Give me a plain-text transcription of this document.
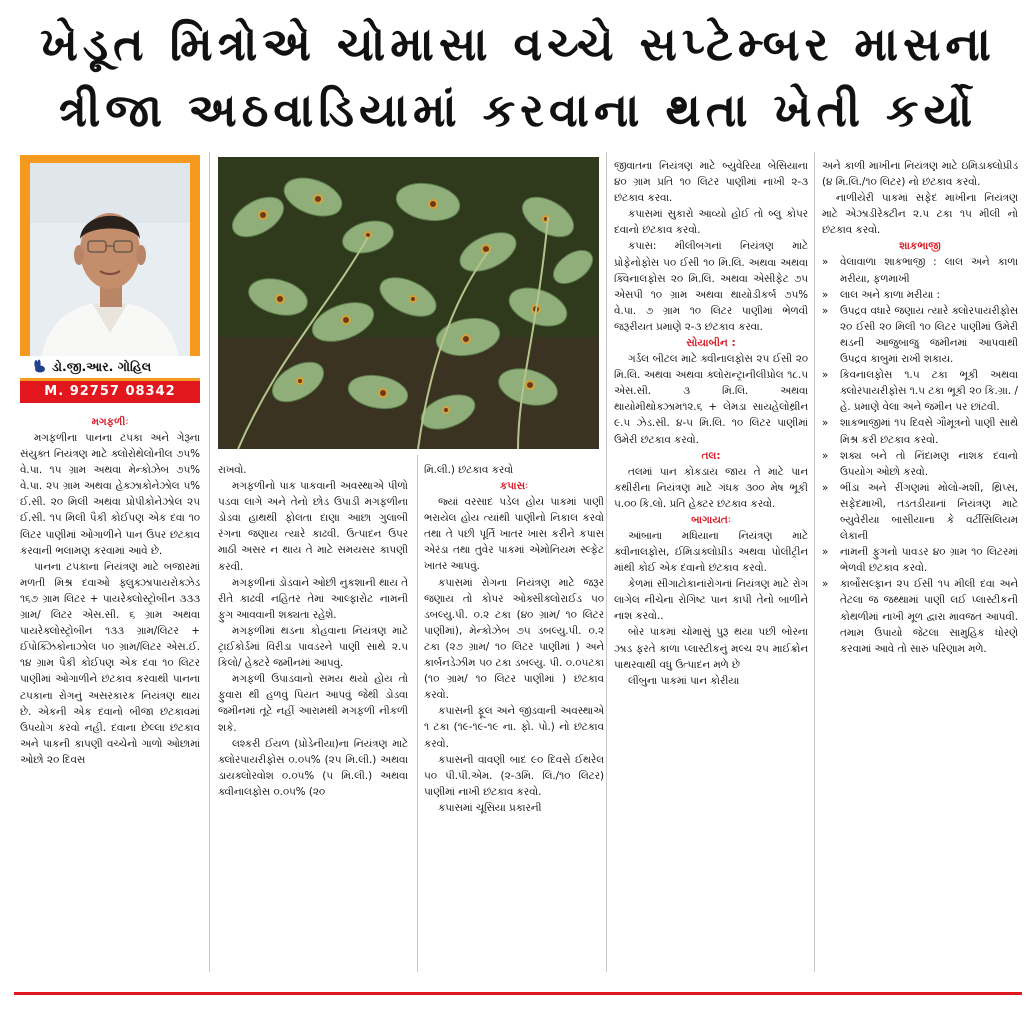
ખેડૂત મિત્રોએ ચોમાસા વચ્ચે સપ્ટેમ્બર માસના
ત્રીજા અઠવાડિયામાં કરવાના થતા ખેતી કર્યો
ડો.જી.આર. ગોહિલ
M. 92757 08342
મગફળીઃ

મગફળીના પાનના ટપકા અને ગેરૂના સંયુક્ત નિયંત્રણ માટે ક્લોરોથેલોનીલ ૭૫% વે.પા. ૧૫ ગ્રામ અથવા મેન્કોઝેબ ૭૫% વે.પા. ૨૫ ગ્રામ અથવા હેક્ઝાકોનેઝોલ ૫% ઈ.સી. ૨૦ મિલી અથવા પ્રોપીકોનેઝોલ ૨૫ ઈ.સી. ૧૫ મિલી પૈકી કોઈપણ એક દવા ૧૦ લિટર પાણીમાં ઓગાળીને પાન ઉપર છંટકાવ કરવાની ભલામણ કરવામાં આવે છે.

પાનના ટપકાના નિયંત્રણ માટે બજારમાં મળતી મિશ્ર દવાઓ ફ્લુક્ઝાપાયરોક્ઝેડ ૧૬૭ ગ્રામ લિટર + પાયરેક્લોસ્ટ્રોબીન ૩૩૩ ગ્રામ/ લિટર એસ.સી. ૬ ગ્રામ અથવા પાયરેક્લોસ્ટ્રોબીન ૧૩૩ ગ્રામ/લિટર + ઈપોક્ઝિકોનાઝોલ ૫૦ ગ્રામ/લિટર એસ.ઈ. ૧૪ ગ્રામ પૈકી કોઈપણ એક દવા ૧૦ લિટર પાણીમાં ઓગાળીને છંટકાવ કરવાથી પાનના ટપકાના રોગનું અસરકારક નિયંત્રણ થાય છે. એકની એક દવાનો બીજા છંટકાવમાં ઉપયોગ કરવો નહી. દવાના છેલ્લા છંટકાવ અને પાકની કાપણી વચ્ચેનો ગાળો ઓછામાં ઓછો ૨૦ દિવસ

રાખવો.

મગફળીનો પાક પાકવાની અવસ્થાએ પીળો પડવા લાગે અને તેનો છોડ ઉપાડી મગફળીના ડોડવા હાથથી ફોલતા દાણા આછા ગુલાબી રંગના જણાય ત્યારે કાઢવી. ઉત્પાદન ઉપર માઠી અસર ન થાય તે માટે સમયસર કાપણી કરવી.

મગફળીનાં ડોડવાને ઓછી નુકશાની થાય તે રીતે કાઢવી નહિતર તેમાં આલ્ફારોટ નામની ફુગ આવવાની શક્યતા રહેશે.

મગફળીમાં થડના કોહવાના નિયંત્રણ માટે ટ્રાઈકોર્ડમાં વિરીડા પાવડરને પાણી સાથે ૨.૫ કિલો/ હેક્ટરે જમીનમાં આપવું.

મગફળી ઉપાડવાનો સમય થયો હોય તો ફુવારા થી હળવું પિયત આપવું જેથી ડોડવા જમીનમાં તૂટે નહીં આરામથી મગફળી નીકળી શકે.

લશ્કરી ઈયળ (પ્રોડેનીયા)ના નિયંત્રણ માટે ક્લોરપાયરીફોસ ૦.૦૫% (૨૫ મિ.લી.) અથવા ડાયક્લોરવોશ ૦.૦૫% (૫ મિ.લી.) અથવા ક્વીનાલફોસ ૦.૦૫% (૨૦

મિ.લી.) છંટકાવ કરવો

કપાસઃ

જ્યાં વરસાદ પડેલ હોય પાકમાં પાણી ભરાયેલ હોય ત્યાંથી પાણીનો નિકાલ કરવો તથા તે પછી પૂર્તિ ખાતર ખાસ કરીને કપાસ એરંડા તથા તુવેર પાકમાં એમોનિયમ સ્લ્ફેટ ખાતર આપવું.

કપાસમાં રોગના નિયંત્રણ માટે જરૂર જણાય તો કોપર ઓક્સીક્લોરાઈડ ૫૦ ડબલ્યુ.પી. ૦.૨ ટકા (૪૦ ગ્રામ/ ૧૦ લિટર પાણીમાં), મેન્કોઝેબ ૭૫ ડબલ્યુ.પી. ૦.૨ ટકા (૨૭ ગ્રામ/ ૧૦ લિટર પાણીમાં ) અને કાર્બનડેઝીમ ૫૦ ટકા ડબલ્યુ. પી. ૦.૦૫ટકા (૧૦ ગ્રામ/ ૧૦ લિટર પાણીમાં ) છંટકાવ કરવો.

કપાસની ફૂલ અને જીંડવાની અવસ્થાએ ૧ ટકા (૧૯-૧૯-૧૯ ના. ફો. પો.) નો છંટકાવ કરવો.

કપાસની વાવણી બાદ ૯૦ દિવસે ઈથરેલ ૫૦ પી.પી.એમ. (૨-૩મિ. લિ./૧૦ લિટર) પાણીમાં નાખી છંટકાવ કરવો.

કપાસમાં ચૂસિયા પ્રકારની

જીવાતના નિયંત્રણ માટે બ્યુવેરિયા બેસિયાના ૪૦ ગ્રામ પ્રતિ ૧૦ લિટર પાણીમાં નાખી ૨-૩ છંટકાવ કરવા.

કપાસમાં સુકારો આવ્યો હોઈ તો બ્લુ કોપર દવાનો છંટકાવ કરવો.

કપાસ: મીલીબગનાં નિયંત્રણ માટે પ્રોફેનોફોસ ૫૦ ઈસી ૧૦ મિ.લિ. અથવા અથવા ક્વિનાલફોસ ૨૦ મિ.લિ. અથવા એસીફેટ ૭૫ એસપી ૧૦ ગ્રામ અથવા થાયોડીકર્બ ૭૫% વે.પા. ૭ ગ્રામ ૧૦ લિટર પાણીમાં ભેળવી જરૂરીયત પ્રમાણે ૨-૩ છંટકાવ કરવા.

સોયાબીન :

ગર્ડલ બીટલ માટે ક્વીનાલફોસ ૨૫ ઈસી ૨૦ મિ.લિ. અથવા અથવા ક્લોરાન્ટ્રાનીલીપ્રોલ ૧૮.૫ એસ.સી. ૩ મિ.લિ. અથવા થાયોમીથોક્ઝામ૧૨.૬ + લેમડા સાયહેલોથ્રીન ૯.૫ ઝેડ.સી. ૪-૫ મિ.લિ. ૧૦ લિટર પાણીમાં ઉમેરી છંટકાવ કરવો.

તલ:

તલમાં પાન કોકડાય જાય તે માટે પાન કથીરીના નિયંત્રણ માટે ગંધક ૩૦૦ મેષ ભૂકી ૫.૦૦ કિ.લો. પ્રતિ હેક્ટર છંટકાવ કરવો.

બાગાયતઃ

આંબાના મધિયાના નિયંત્રણ માટે ક્વીનાલફોસ, ઈમિડાક્લોપ્રીડ અથવા પોલીટ્રીન માંથી કોઈ એક દવાનો છંટકાવ કરવો.

કેળમાં સીગાટોકાનાંરોગનાં નિયંત્રણ માટે રોગ લાગેલ નીચેના રોગિષ્ટ પાન કાપી તેનો બાળીને નાશ કરવો..

બોર પાકમાં ચોમાસું પુરૂ થયા પછી બોરના ઝાડ ફરતે કાળા પ્લાસ્ટીકનું મલ્ચ ૨૫ માઈક્રોન પાથરવાથી વધુ ઉત્પાદન મળે છે

લીંબુના પાકમાં પાન કોરીયા

અને કાળી માખીના નિયંત્રણ માટે ઇમિડાક્લોપ્રીડ (૪ મિ.લિ./૧૦ લિટર) નો છંટકાવ કરવો.

નાળીયેરી પાકમાં સફેદ માખીના નિયંત્રણ માટે એઝાડીરેક્ટીન ૨.૫ ટકા ૧૫ મીલી નો છંટકાવ કરવો.

શાકભાજી
» વેલાવાળા શાકભાજી : લાલ અને કાળા મરીયા, ફળમાખી
» લાલ અને કાળા મરીયા :
» ઉપદ્રવ વધારે જણાય ત્યારે ક્લોરપાયરીફોસ ૨૦ ઈસી ૨૦ મિલી ૧૦ લિટર પાણીમાં ઉમેરી થડની આજુબાજુ જમીનમાં આપવાથી ઉપદ્રવ કાબુમાં રાખી શકાય.
» કિવનાલફોસ ૧.૫ ટકા ભૂકી અથવા ક્લોરપાયરીફોસ ૧.૫ ટકા ભૂકી ૨૦ કિ.ગ્રા. / હે. પ્રમાણે વેલા અને જમીન પર છાંટવી.
» શાકભાજીમાં ૧૫ દિવસે ગૌમૂત્રનો પાણી સાથે મિશ્ર કરી છંટકાવ કરવો.
» શક્ય બને તો નિંદામણ નાશક દવાનો ઉપયોગ ઓછો કરવો.
» ભીંડા અને રીંગણમાં મોલો-મશી, થ્રિપ્સ, સફેદમાખી, તડતડીયાનાં નિયંત્રણ માટે બ્યુવેરીયા બાસીયાના કે વર્ટીસિલિયમ લેકાની
» નામની ફુગનો પાવડર ૪૦ ગ્રામ ૧૦ લિટરમાં ભેળવી છંટકાવ કરવો.
» કાર્બોસલ્ફાન ૨૫ ઈસી ૧૫ મીલી દવા અને તેટલા જ જથ્થામાં પાણી લઈ પ્લાસ્ટીકની કોથળીમાં નાખી મૂળ દ્વારા માવજત આપવી. તમામ ઉપાયો જેટલા સામુહિક ધોરણે કરવામાં આવે તો સારું પરિણામ મળે.
